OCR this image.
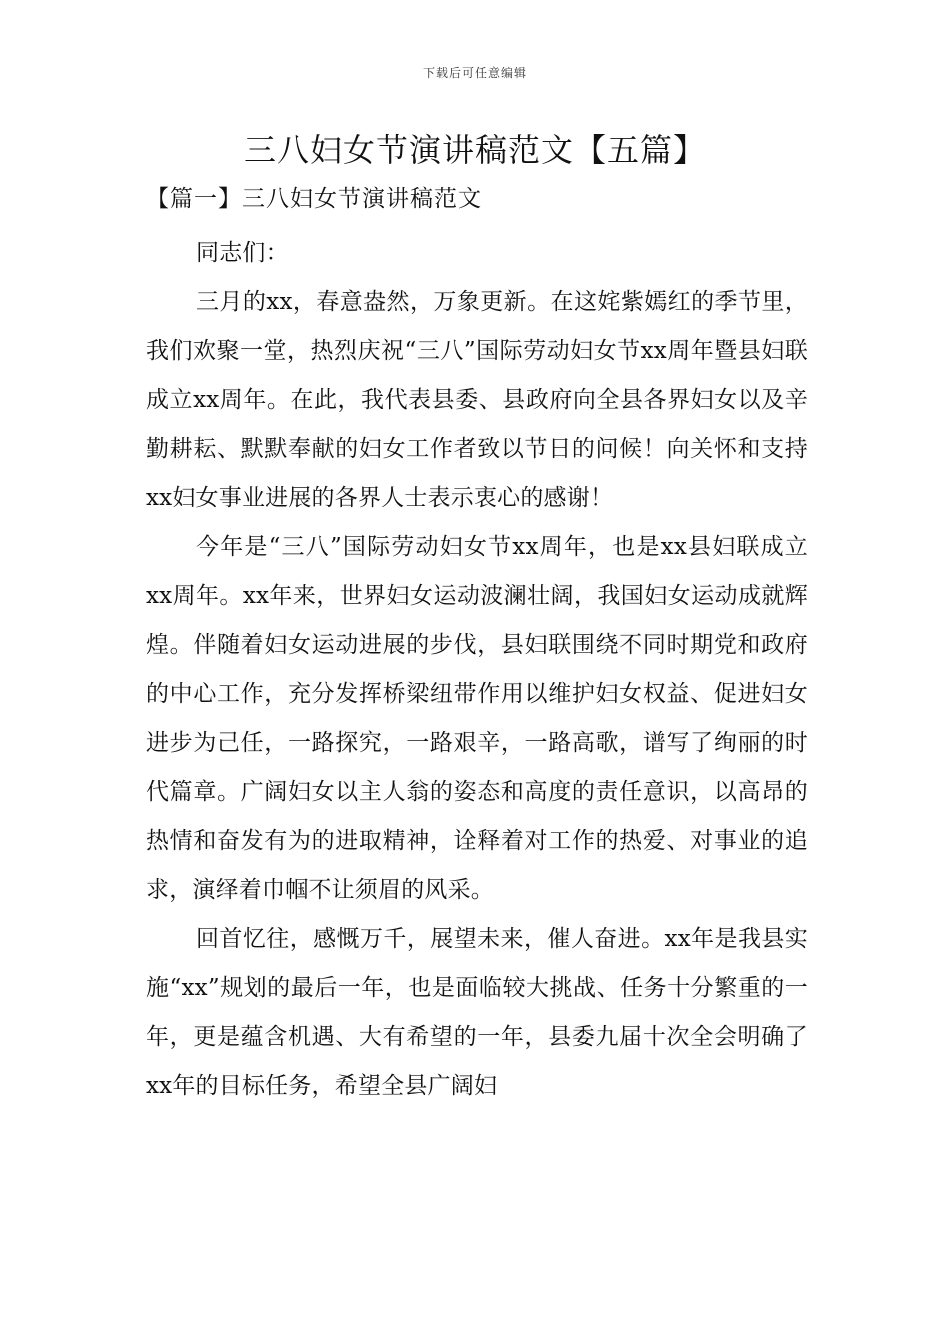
下载后可任意编辑
三八妇女节演讲稿范文【五篇】
【篇一】三八妇女节演讲稿范文

同志们：

三月的xx，春意盎然，万象更新。在这姹紫嫣红的季节里，我们欢聚一堂，热烈庆祝“三八”国际劳动妇女节xx周年暨县妇联成立xx周年。在此，我代表县委、县政府向全县各界妇女以及辛勤耕耘、默默奉献的妇女工作者致以节日的问候！向关怀和支持xx妇女事业进展的各界人士表示衷心的感谢！

今年是“三八”国际劳动妇女节xx周年，也是xx县妇联成立xx周年。xx年来，世界妇女运动波澜壮阔，我国妇女运动成就辉煌。伴随着妇女运动进展的步伐，县妇联围绕不同时期党和政府的中心工作，充分发挥桥梁纽带作用以维护妇女权益、促进妇女进步为己任，一路探究，一路艰辛，一路高歌，谱写了绚丽的时代篇章。广阔妇女以主人翁的姿态和高度的责任意识，以高昂的热情和奋发有为的进取精神，诠释着对工作的热爱、对事业的追求，演绎着巾帼不让须眉的风采。

回首忆往，感慨万千，展望未来，催人奋进。xx年是我县实施“xx”规划的最后一年，也是面临较大挑战、任务十分繁重的一年，更是蕴含机遇、大有希望的一年，县委九届十次全会明确了xx年的目标任务，希望全县广阔妇
